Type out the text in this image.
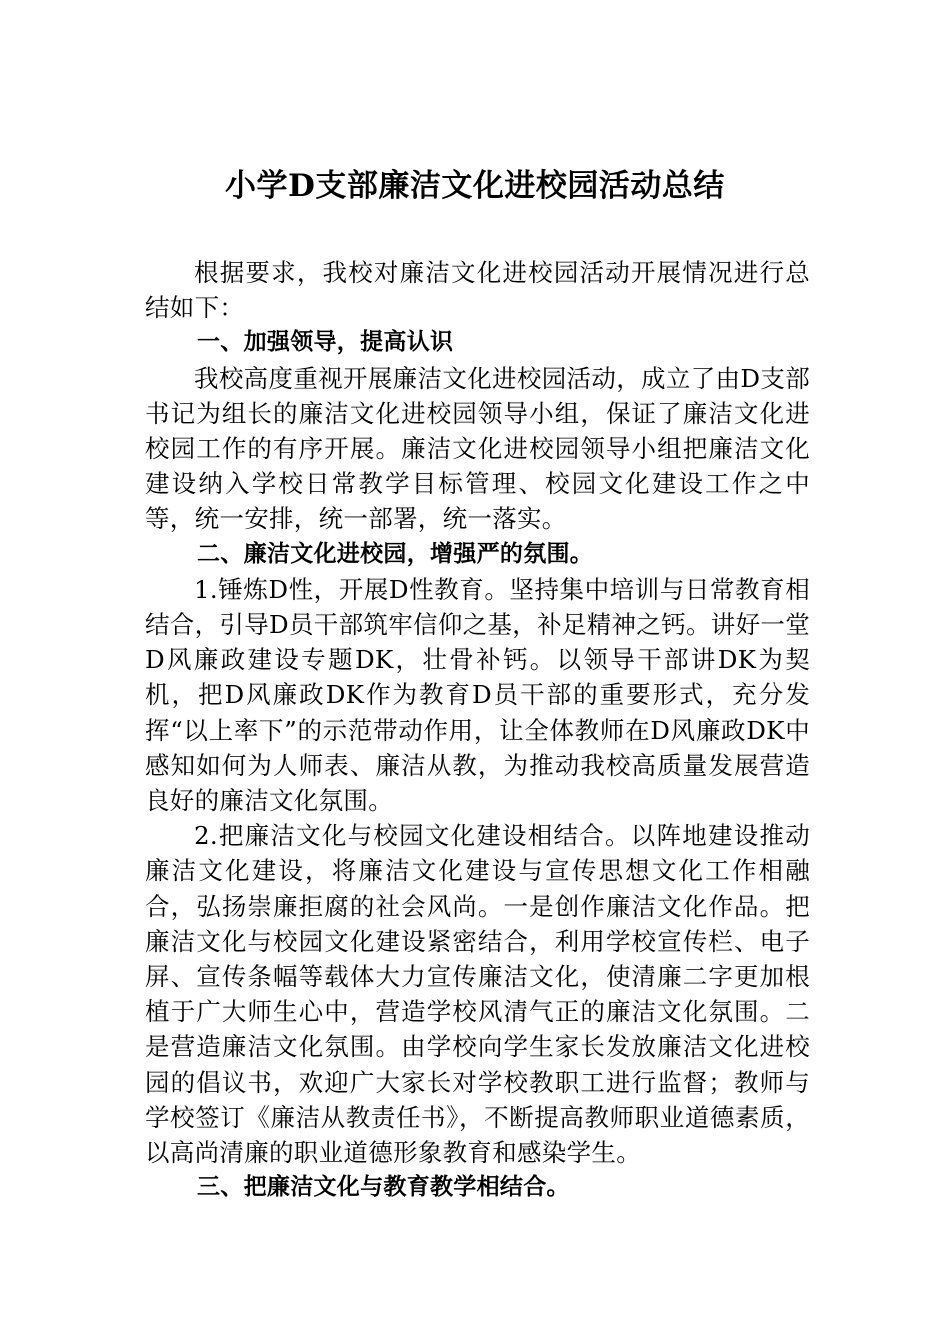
小学D支部廉洁文化进校园活动总结

根据要求，我校对廉洁文化进校园活动开展情况进行总结如下：

一、加强领导，提高认识

我校高度重视开展廉洁文化进校园活动，成立了由D支部书记为组长的廉洁文化进校园领导小组，保证了廉洁文化进校园工作的有序开展。廉洁文化进校园领导小组把廉洁文化建设纳入学校日常教学目标管理、校园文化建设工作之中等，统一安排，统一部署，统一落实。

二、廉洁文化进校园，增强严的氛围。

1.锤炼D性，开展D性教育。坚持集中培训与日常教育相结合，引导D员干部筑牢信仰之基，补足精神之钙。讲好一堂D风廉政建设专题DK，壮骨补钙。以领导干部讲DK为契机，把D风廉政DK作为教育D员干部的重要形式，充分发挥“以上率下”的示范带动作用，让全体教师在D风廉政DK中感知如何为人师表、廉洁从教，为推动我校高质量发展营造良好的廉洁文化氛围。

2.把廉洁文化与校园文化建设相结合。以阵地建设推动廉洁文化建设，将廉洁文化建设与宣传思想文化工作相融合，弘扬崇廉拒腐的社会风尚。一是创作廉洁文化作品。把廉洁文化与校园文化建设紧密结合，利用学校宣传栏、电子屏、宣传条幅等载体大力宣传廉洁文化，使清廉二字更加根植于广大师生心中，营造学校风清气正的廉洁文化氛围。二是营造廉洁文化氛围。由学校向学生家长发放廉洁文化进校园的倡议书，欢迎广大家长对学校教职工进行监督；教师与学校签订《廉洁从教责任书》，不断提高教师职业道德素质，以高尚清廉的职业道德形象教育和感染学生。

三、把廉洁文化与教育教学相结合。
